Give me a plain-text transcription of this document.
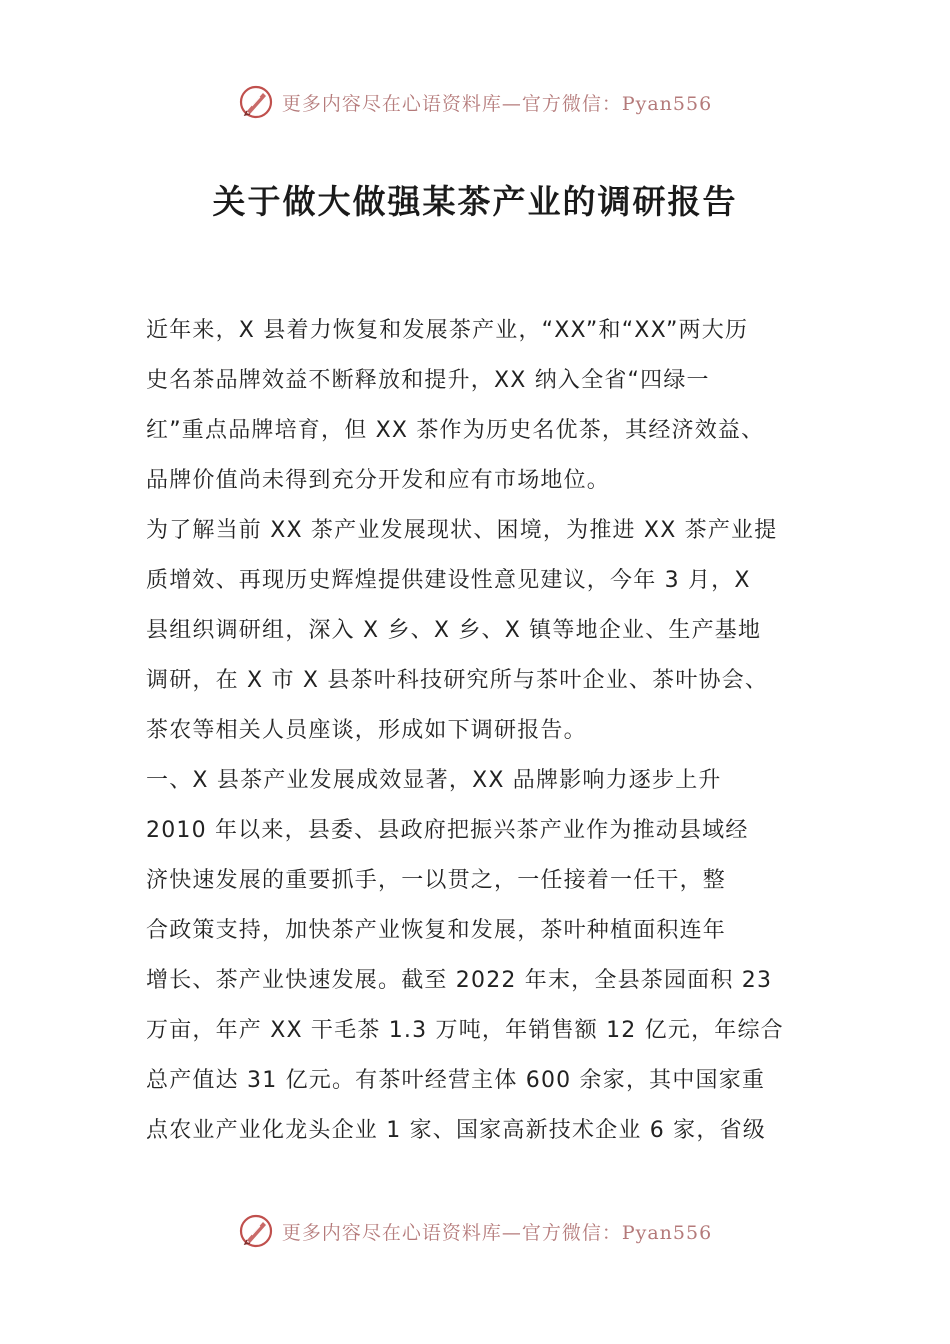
更多内容尽在心语资料库—官方微信：Pyan556
关于做大做强某茶产业的调研报告
近年来，X 县着力恢复和发展茶产业，“XX”和“XX”两大历
史名茶品牌效益不断释放和提升，XX 纳入全省“四绿一
红”重点品牌培育，但 XX 茶作为历史名优茶，其经济效益、
品牌价值尚未得到充分开发和应有市场地位。
为了解当前 XX 茶产业发展现状、困境，为推进 XX 茶产业提
质增效、再现历史辉煌提供建设性意见建议，今年 3 月，X
县组织调研组，深入 X 乡、X 乡、X 镇等地企业、生产基地
调研，在 X 市 X 县茶叶科技研究所与茶叶企业、茶叶协会、
茶农等相关人员座谈，形成如下调研报告。
一、X 县茶产业发展成效显著，XX 品牌影响力逐步上升
2010 年以来，县委、县政府把振兴茶产业作为推动县域经
济快速发展的重要抓手，一以贯之，一任接着一任干，整
合政策支持，加快茶产业恢复和发展，茶叶种植面积连年
增长、茶产业快速发展。截至 2022 年末，全县茶园面积 23
万亩，年产 XX 干毛茶 1.3 万吨，年销售额 12 亿元，年综合
总产值达 31 亿元。有茶叶经营主体 600 余家，其中国家重
点农业产业化龙头企业 1 家、国家高新技术企业 6 家，省级
更多内容尽在心语资料库—官方微信：Pyan556
